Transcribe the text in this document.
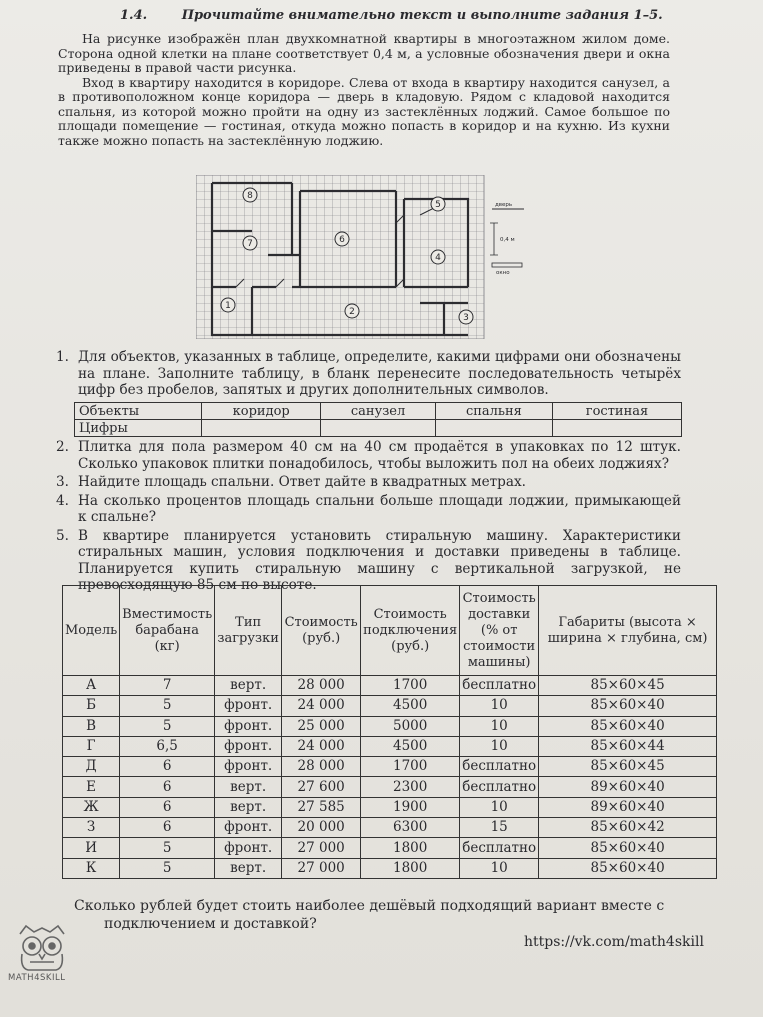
1.4.	Прочитайте внимательно текст и выполните задания 1–5.

На рисунке изображён план двухкомнатной квартиры в многоэтажном жилом доме. Сторона одной клетки на плане соответствует 0,4 м, а условные обозначения двери и окна приведены в правой части рисунка.

Вход в квартиру находится в коридоре. Слева от входа в квартиру находится санузел, а в противоположном конце коридора — дверь в кладовую. Рядом с кладовой находится спальня, из которой можно пройти на одну из застеклённых лоджий. Самое большое по площади помещение — гостиная, откуда можно попасть в коридор и на кухню. Из кухни также можно попасть на застеклённую лоджию.

1
2
3
4
5
6
7
8
дверь
0,4 м
окно
1. Для объектов, указанных в таблице, определите, какими цифрами они обозначены на плане. Заполните таблицу, в бланк перенесите последовательность четырёх цифр без пробелов, запятых и других дополнительных символов.
Объекты	коридор	санузел	спальня	гостиная
Цифры				
2. Плитка для пола размером 40 см на 40 см продаётся в упаковках по 12 штук. Сколько упаковок плитки понадобилось, чтобы выложить пол на обеих лоджиях?
3. Найдите площадь спальни. Ответ дайте в квадратных метрах.
4. На сколько процентов площадь спальни больше площади лоджии, примыкающей к спальне?
5. В квартире планируется установить стиральную машину. Характеристики стиральных машин, условия подключения и доставки приведены в таблице. Планируется купить стиральную машину с вертикальной загрузкой, не превосходящую 85 см по высоте.
Модель	Вместимость барабана (кг)	Тип загрузки	Стоимость (руб.)	Стоимость подключения (руб.)	Стоимость доставки (% от стоимости машины)	Габариты (высота × ширина × глубина, см)
А	7	верт.	28 000	1700	бесплатно	85×60×45
Б	5	фронт.	24 000	4500	10	85×60×40
В	5	фронт.	25 000	5000	10	85×60×40
Г	6,5	фронт.	24 000	4500	10	85×60×44
Д	6	фронт.	28 000	1700	бесплатно	85×60×45
Е	6	верт.	27 600	2300	бесплатно	89×60×40
Ж	6	верт.	27 585	1900	10	89×60×40
З	6	фронт.	20 000	6300	15	85×60×42
И	5	фронт.	27 000	1800	бесплатно	85×60×40
К	5	верт.	27 000	1800	10	85×60×40
Сколько рублей будет стоить наиболее дешёвый подходящий вариант вместе с
подключением и доставкой?
https://vk.com/math4skill
MATH4SKILL
